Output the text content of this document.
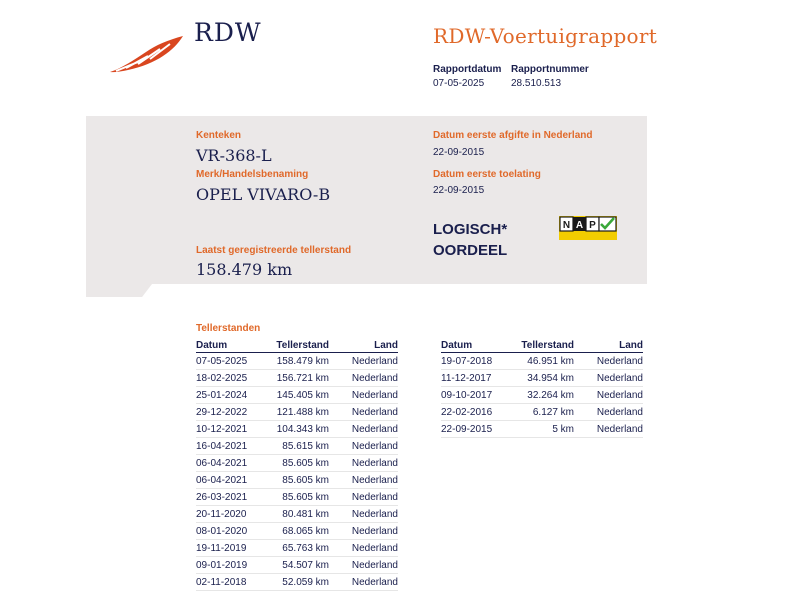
RDW	RDW-Voertuigrapport
Rapportdatum
07-05-2025
Rapportnummer
28.510.513
Kenteken
VR-368-L
Merk/Handelsbenaming
OPEL VIVARO-B
Laatst geregistreerde tellerstand
158.479 km
Datum eerste afgifte in Nederland
22-09-2015
Datum eerste toelating
22-09-2015
LOGISCH*
OORDEEL
N A P
Tellerstanden
Datum	Tellerstand	Land
07-05-2025	158.479 km	Nederland
18-02-2025	156.721 km	Nederland
25-01-2024	145.405 km	Nederland
29-12-2022	121.488 km	Nederland
10-12-2021	104.343 km	Nederland
16-04-2021	85.615 km	Nederland
06-04-2021	85.605 km	Nederland
06-04-2021	85.605 km	Nederland
26-03-2021	85.605 km	Nederland
20-11-2020	80.481 km	Nederland
08-01-2020	68.065 km	Nederland
19-11-2019	65.763 km	Nederland
09-01-2019	54.507 km	Nederland
02-11-2018	52.059 km	Nederland
Datum	Tellerstand	Land
19-07-2018	46.951 km	Nederland
11-12-2017	34.954 km	Nederland
09-10-2017	32.264 km	Nederland
22-02-2016	6.127 km	Nederland
22-09-2015	5 km	Nederland
